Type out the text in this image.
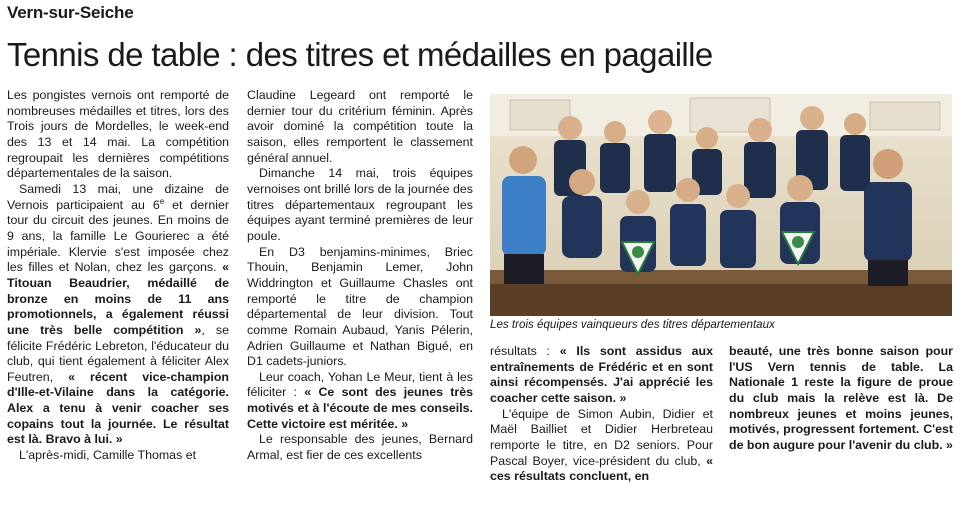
Vern-sur-Seiche
Tennis de table : des titres et médailles en pagaille

Les pongistes vernois ont remporté de nombreuses médailles et titres, lors des Trois jours de Mordelles, le week-end des 13 et 14 mai. La compétition regroupait les dernières compétitions départementales de la saison.

Samedi 13 mai, une dizaine de Vernois participaient au 6e et dernier tour du circuit des jeunes. En moins de 9 ans, la famille Le Gourierec a été impériale. Klervie s'est imposée chez les filles et Nolan, chez les garçons. « Titouan Beaudrier, médaillé de bronze en moins de 11 ans promotionnels, a également réussi une très belle compétition », se félicite Frédéric Lebreton, l'éducateur du club, qui tient également à féliciter Alex Feutren, « récent vice-champion d'Ille-et-Vilaine dans la catégorie. Alex a tenu à venir coacher ses copains tout la journée. Le résultat est là. Bravo à lui. »

L'après-midi, Camille Thomas et

Claudine Legeard ont remporté le dernier tour du critérium féminin. Après avoir dominé la compétition toute la saison, elles remportent le classement général annuel.

Dimanche 14 mai, trois équipes vernoises ont brillé lors de la journée des titres départementaux regroupant les équipes ayant terminé premières de leur poule.

En D3 benjamins-minimes, Briec Thouin, Benjamin Lemer, John Widdrington et Guillaume Chasles ont remporté le titre de champion départemental de leur division. Tout comme Romain Aubaud, Yanis Pélerin, Adrien Guillaume et Nathan Bigué, en D1 cadets-juniors.

Leur coach, Yohan Le Meur, tient à les féliciter : « Ce sont des jeunes très motivés et à l'écoute de mes conseils. Cette victoire est méritée. »

Le responsable des jeunes, Bernard Armal, est fier de ces excellents

Les trois équipes vainqueurs des titres départementaux

résultats : « Ils sont assidus aux entraînements de Frédéric et en sont ainsi récompensés. J'ai apprécié les coacher cette saison. »

L'équipe de Simon Aubin, Didier et Maël Bailliet et Didier Herbreteau remporte le titre, en D2 seniors. Pour Pascal Boyer, vice-président du club, « ces résultats concluent, en

beauté, une très bonne saison pour l'US Vern tennis de table. La Nationale 1 reste la figure de proue du club mais la relève est là. De nombreux jeunes et moins jeunes, motivés, progressent fortement. C'est de bon augure pour l'avenir du club. »
